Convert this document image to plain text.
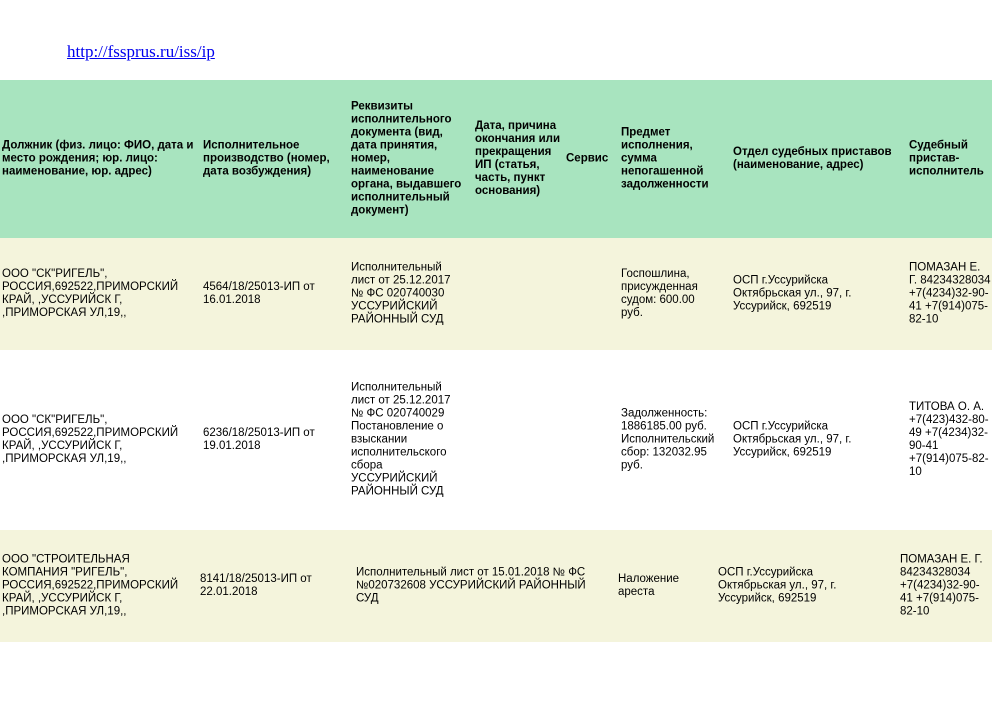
http://fssprus.ru/iss/ip
Должник (физ. лицо: ФИО, дата и место рождения; юр. лицо: наименование, юр. адрес)
Исполнительное производство (номер, дата возбуждения)
Реквизиты исполнительного документа (вид, дата принятия, номер, наименование органа, выдавшего исполнительный документ)
Дата, причина окончания или прекращения ИП (статья, часть, пункт основания)
Сервис
Предмет исполнения, сумма непогашенной задолженности
Отдел судебных приставов (наименование, адрес)
Судебный пристав-исполнитель
ООО "СК"РИГЕЛЬ", РОССИЯ,692522,ПРИМОРСКИЙ КРАЙ, ,УССУРИЙСК Г, ,ПРИМОРСКАЯ УЛ,19,,
4564/18/25013-ИП от 16.01.2018
Исполнительный лист от 25.12.2017 № ФС 020740030 УССУРИЙСКИЙ РАЙОННЫЙ СУД
Госпошлина, присужденная судом: 600.00 руб.
ОСП г.Уссурийска Октябрьская ул., 97, г. Уссурийск, 692519
ПОМАЗАН Е. Г. 84234328034 +7(4234)32-90-41 +7(914)075-82-10
ООО "СК"РИГЕЛЬ", РОССИЯ,692522,ПРИМОРСКИЙ КРАЙ, ,УССУРИЙСК Г, ,ПРИМОРСКАЯ УЛ,19,,
6236/18/25013-ИП от 19.01.2018
Исполнительный лист от 25.12.2017 № ФС 020740029 Постановление о взыскании исполнительского сбора УССУРИЙСКИЙ РАЙОННЫЙ СУД
Задолженность: 1886185.00 руб. Исполнительский сбор: 132032.95 руб.
ОСП г.Уссурийска Октябрьская ул., 97, г. Уссурийск, 692519
ТИТОВА О. А. +7(423)432-80-49 +7(4234)32-90-41 +7(914)075-82-10
ООО "СТРОИТЕЛЬНАЯ КОМПАНИЯ "РИГЕЛЬ", РОССИЯ,692522,ПРИМОРСКИЙ КРАЙ, ,УССУРИЙСК Г, ,ПРИМОРСКАЯ УЛ,19,,
8141/18/25013-ИП от 22.01.2018
Исполнительный лист от 15.01.2018 № ФС №020732608 УССУРИЙСКИЙ РАЙОННЫЙ СУД
Наложение ареста
ОСП г.Уссурийска Октябрьская ул., 97, г. Уссурийск, 692519
ПОМАЗАН Е. Г. 84234328034 +7(4234)32-90-41 +7(914)075-82-10
